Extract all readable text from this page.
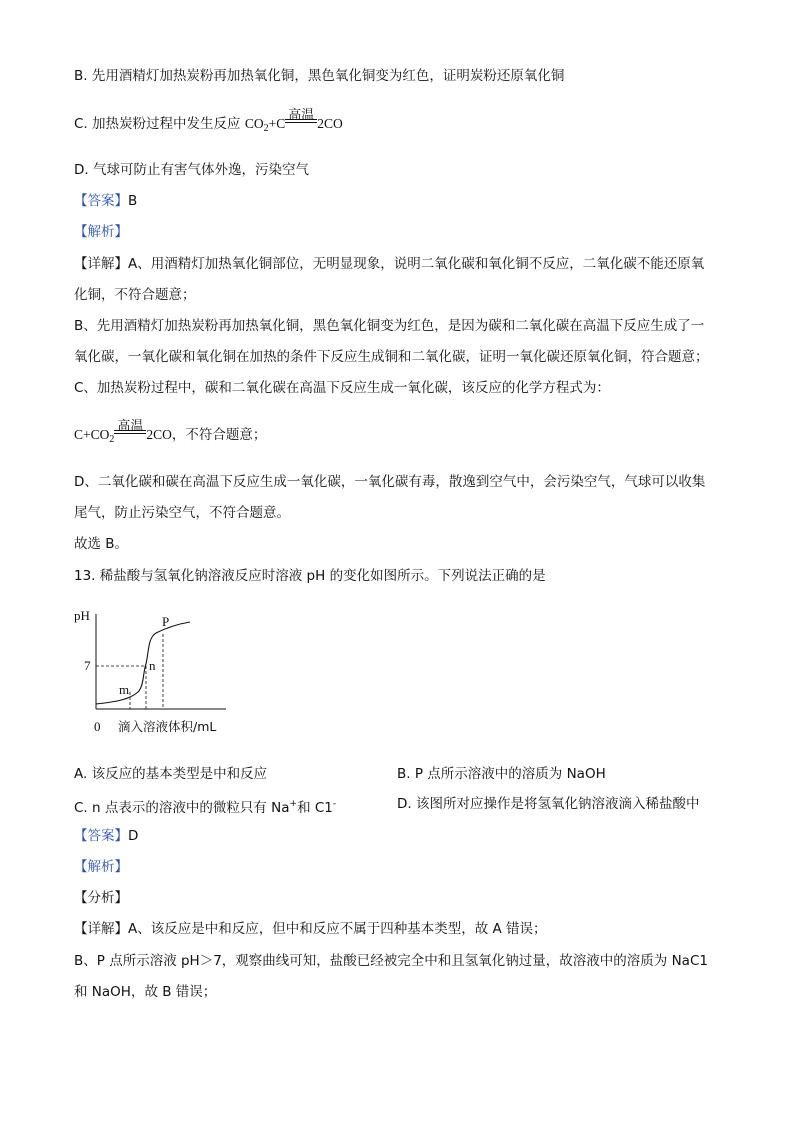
B. 先用酒精灯加热炭粉再加热氧化铜，黑色氧化铜变为红色，证明炭粉还原氧化铜
C. 加热炭粉过程中发生反应 $CO_2+C$
高温
2CO
D. 气球可防止有害气体外逸，污染空气
【答案】B
【解析】
【详解】A、用酒精灯加热氧化铜部位，无明显现象，说明二氧化碳和氧化铜不反应，二氧化碳不能还原氧
化铜，不符合题意；
B、先用酒精灯加热炭粉再加热氧化铜，黑色氧化铜变为红色，是因为碳和二氧化碳在高温下反应生成了一
氧化碳，一氧化碳和氧化铜在加热的条件下反应生成铜和二氧化碳，证明一氧化碳还原氧化铜，符合题意；
C、加热炭粉过程中，碳和二氧化碳在高温下反应生成一氧化碳，该反应的化学方程式为：
$C+CO_2$
高温
2CO，不符合题意；
D、二氧化碳和碳在高温下反应生成一氧化碳，一氧化碳有毒，散逸到空气中，会污染空气，气球可以收集
尾气，防止污染空气，不符合题意。
故选 B。
13. 稀盐酸与氢氧化钠溶液反应时溶液 pH 的变化如图所示。下列说法正确的是
pH
7
0 滴入溶液体积/mL
P
n
m
A. 该反应的基本类型是中和反应	B. P 点所示溶液中的溶质为 NaOH
C. n 点表示的溶液中的微粒只有 Na+和 C1-	D. 该图所对应操作是将氢氧化钠溶液滴入稀盐酸中
【答案】D
【解析】
【分析】
【详解】A、该反应是中和反应，但中和反应不属于四种基本类型，故 A 错误；
B、P 点所示溶液 pH＞7，观察曲线可知，盐酸已经被完全中和且氢氧化钠过量，故溶液中的溶质为 NaC1
和 NaOH，故 B 错误；
